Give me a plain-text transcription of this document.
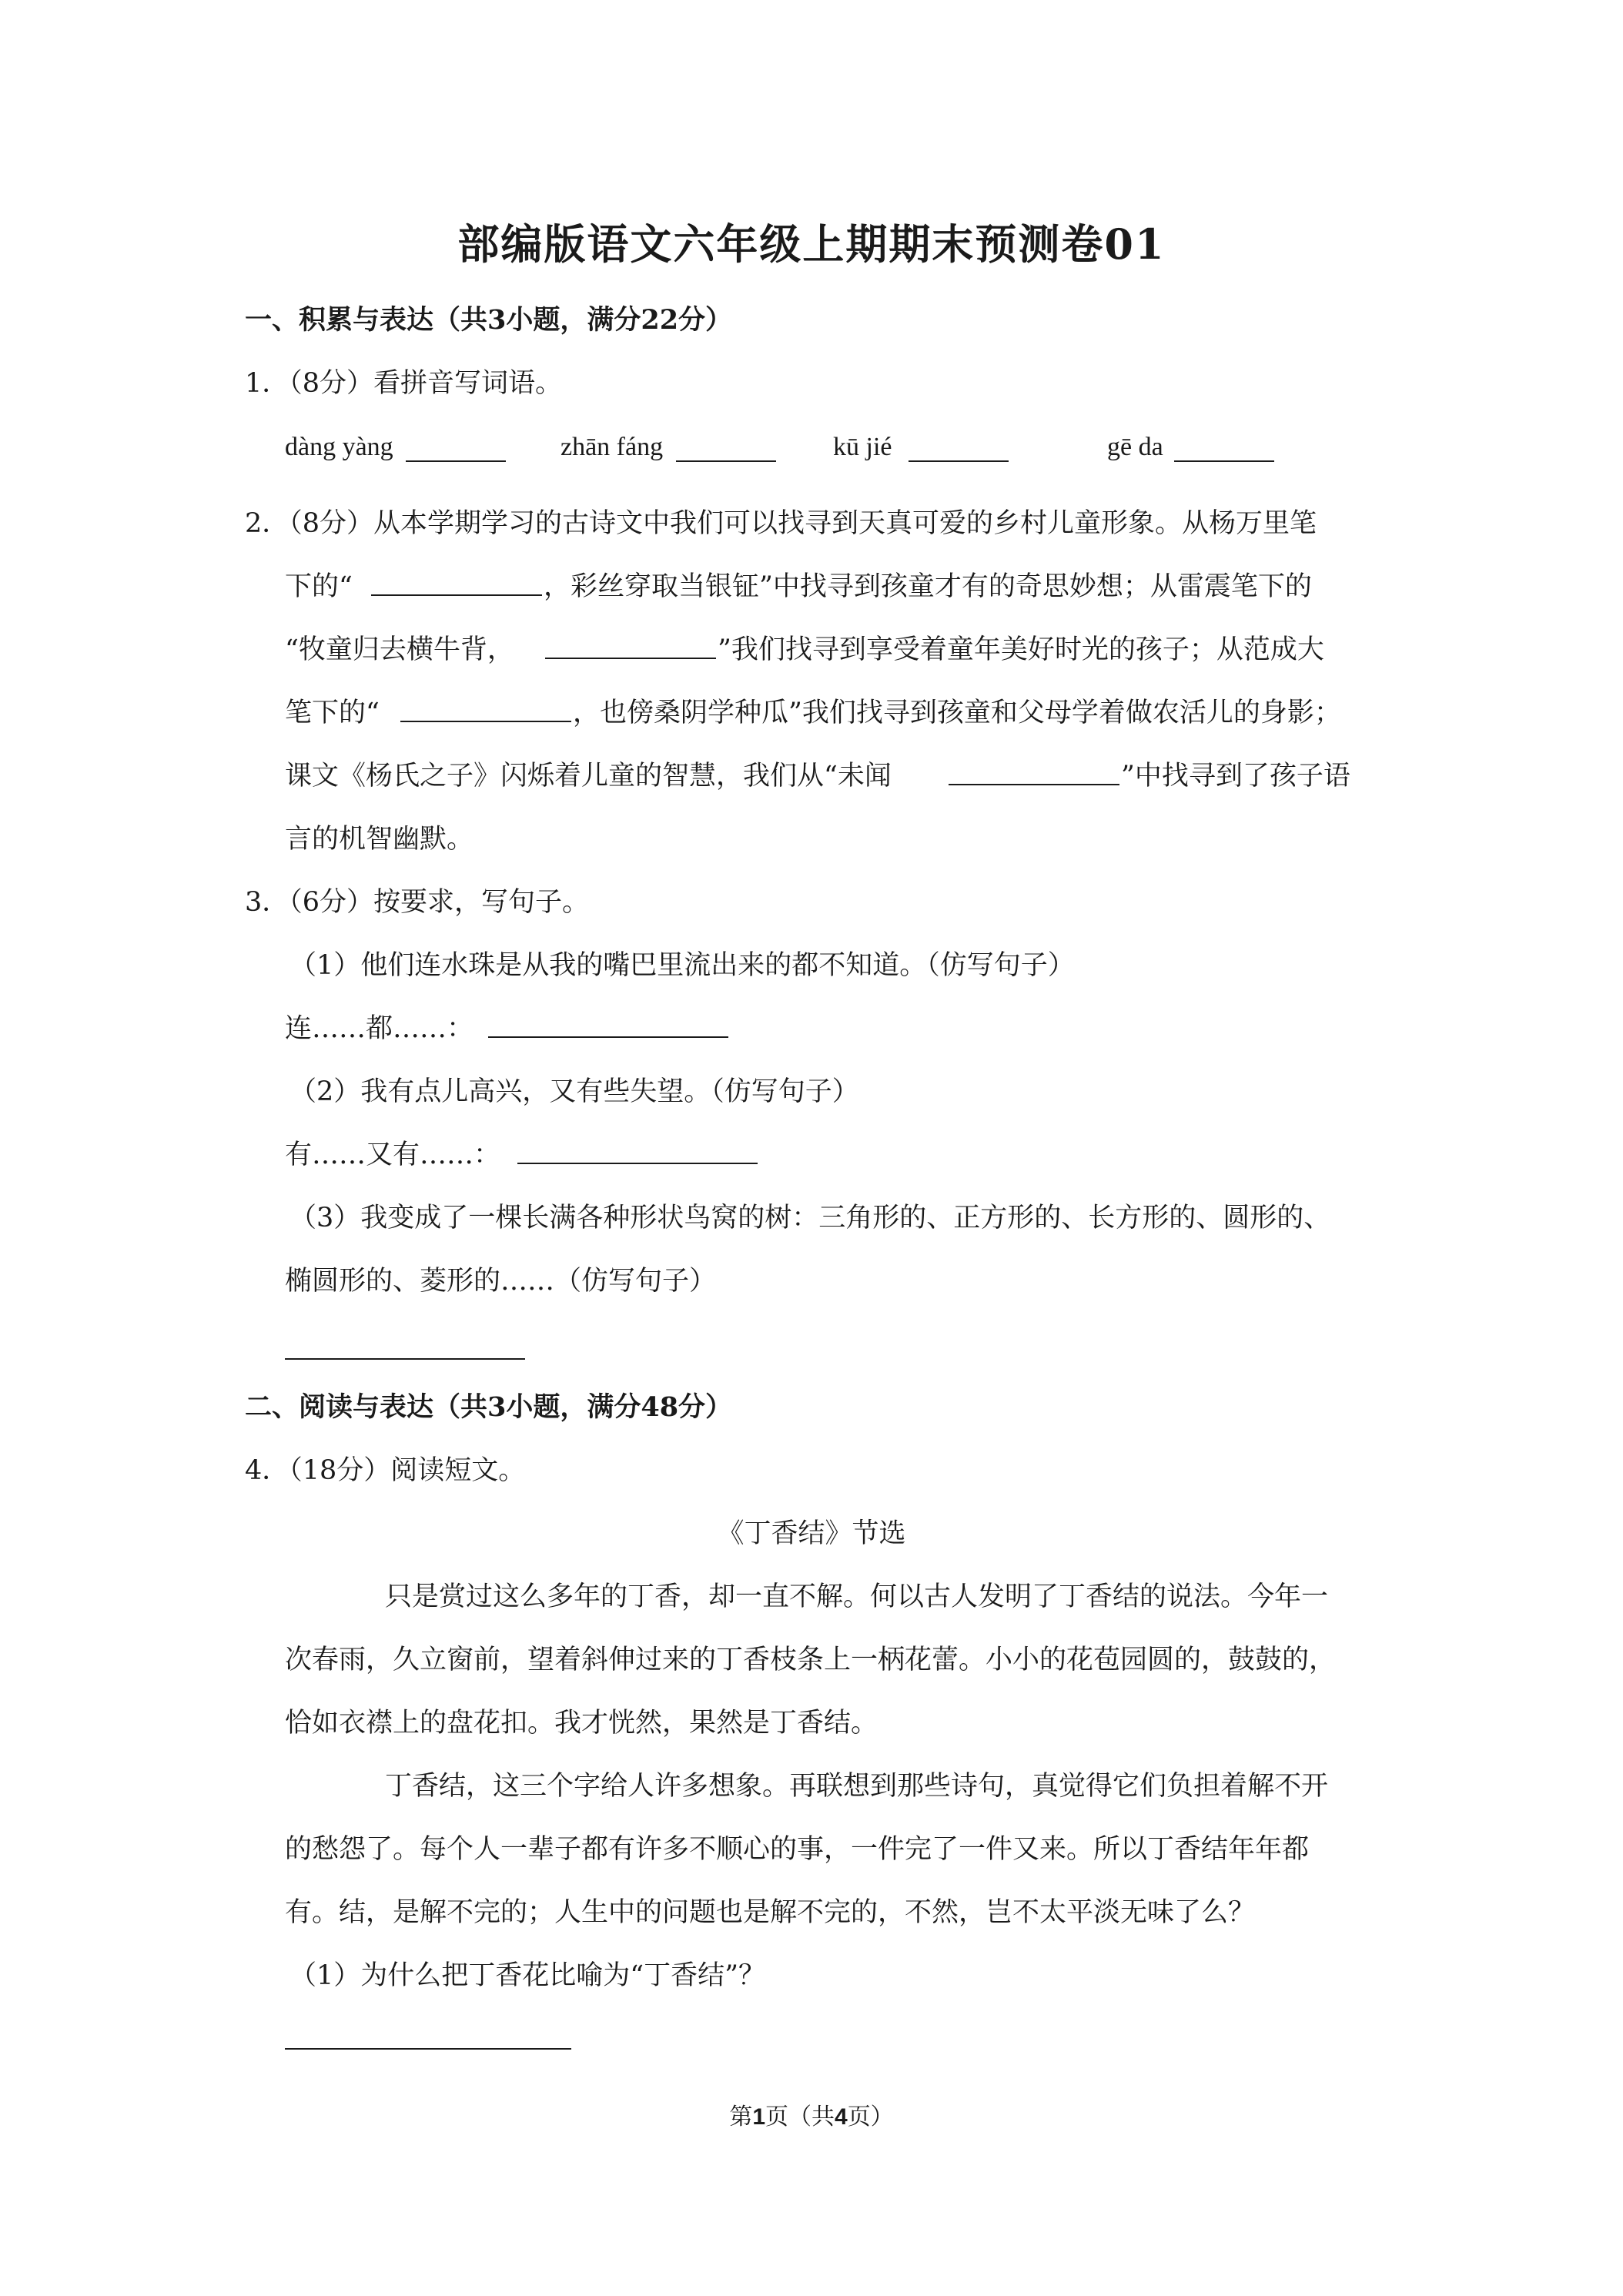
部编版语文六年级上期期末预测卷01
一、积累与表达（共3小题，满分22分）
1．（8分）看拼音写词语。
dàng yàng	zhān fáng	kū jié	gē da
2．（8分）从本学期学习的古诗文中我们可以找寻到天真可爱的乡村儿童形象。从杨万里笔
下的“	，彩丝穿取当银钲”中找寻到孩童才有的奇思妙想；从雷震笔下的
“牧童归去横牛背，	”我们找寻到享受着童年美好时光的孩子；从范成大
笔下的“	，也傍桑阴学种瓜”我们找寻到孩童和父母学着做农活儿的身影；
课文《杨氏之子》闪烁着儿童的智慧，我们从“未闻	”中找寻到了孩子语
言的机智幽默。
3．（6分）按要求，写句子。
（1）他们连水珠是从我的嘴巴里流出来的都不知道。（仿写句子）
连……都……：
（2）我有点儿高兴，又有些失望。（仿写句子）
有……又有……：
（3）我变成了一棵长满各种形状鸟窝的树：三角形的、正方形的、长方形的、圆形的、
椭圆形的、菱形的……（仿写句子）
二、阅读与表达（共3小题，满分48分）
4．（18分）阅读短文。
《丁香结》节选
只是赏过这么多年的丁香，却一直不解。何以古人发明了丁香结的说法。今年一
次春雨，久立窗前，望着斜伸过来的丁香枝条上一柄花蕾。小小的花苞园圆的，鼓鼓的，
恰如衣襟上的盘花扣。我才恍然，果然是丁香结。
丁香结，这三个字给人许多想象。再联想到那些诗句，真觉得它们负担着解不开
的愁怨了。每个人一辈子都有许多不顺心的事，一件完了一件又来。所以丁香结年年都
有。结，是解不完的；人生中的问题也是解不完的，不然，岂不太平淡无味了么？
（1）为什么把丁香花比喻为“丁香结”？
第1页（共4页）
